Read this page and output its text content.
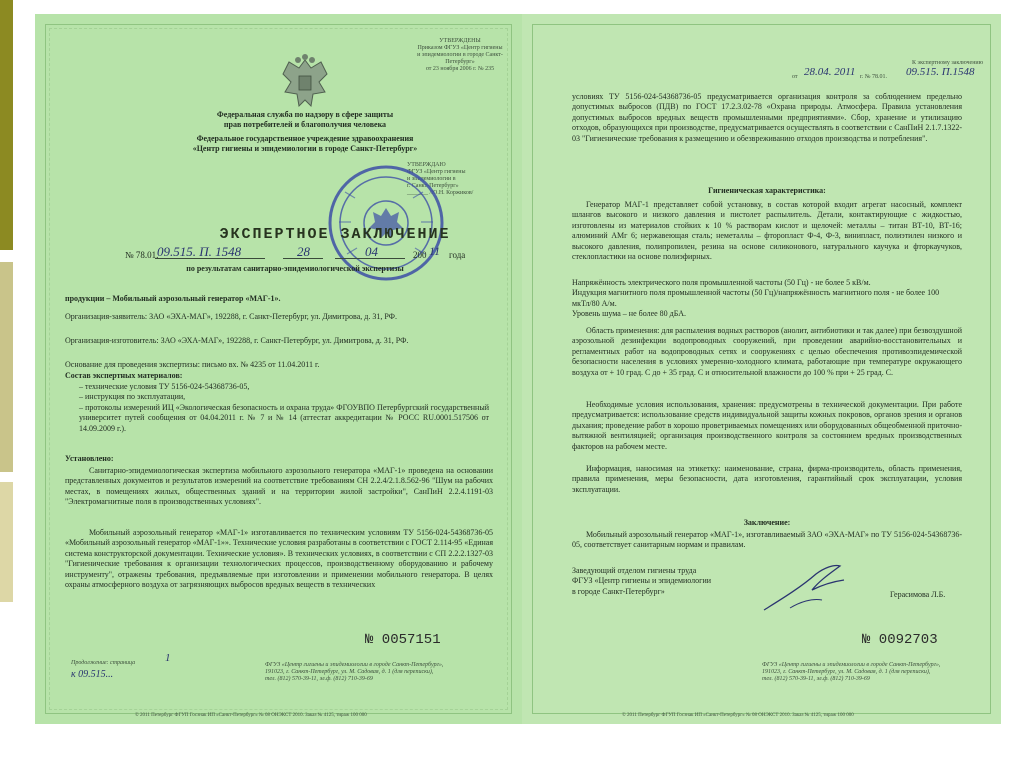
УТВЕРЖДЕНЫ
Приказом ФГУЗ «Центр гигиены
и эпидемиологии в городе Санкт-Петербург»
от 23 ноября 2006 г. № 235
Федеральная служба по надзору в сфере защиты
прав потребителей и благополучия человека
Федеральное государственное учреждение здравоохранения
«Центр гигиены и эпидемиологии в городе Санкт-Петербург»
УТВЕРЖДАЮ
ФГУЗ «Центр гигиены
и эпидемиологии в
г. Санкт-Петербург»
_______ /Ю.Н. Коржиков/
ЭКСПЕРТНОЕ ЗАКЛЮЧЕНИЕ
№ 78.01.
09.515. П. 1548	28	04	200 11 года
по результатам санитарно-эпидемиологической экспертизы
продукции – Мобильный аэрозольный генератор «МАГ-1».
Организация-заявитель: ЗАО «ЭХА-МАГ», 192288, г. Санкт-Петербург, ул. Димитрова, д. 31, РФ.
Организация-изготовитель: ЗАО «ЭХА-МАГ», 192288, г. Санкт-Петербург, ул. Димитрова, д. 31, РФ.
Основание для проведения экспертизы: письмо вх. № 4235 от 11.04.2011 г.
Состав экспертных материалов:
– технические условия ТУ 5156-024-54368736-05,
– инструкция по эксплуатации,
– протоколы измерений ИЦ «Экологическая безопасность и охрана труда» ФГОУВПО Петербургский государственный университет путей сообщения от 04.04.2011 г. № 7 и № 14 (аттестат аккредитации № РОСС RU.0001.517506 от 14.09.2009 г.).
Установлено:
Санитарно-эпидемиологическая экспертиза мобильного аэрозольного генератора «МАГ-1» проведена на основании представленных документов и результатов измерений на соответствие требованиям СН 2.2.4/2.1.8.562-96 "Шум на рабочих местах, в помещениях жилых, общественных зданий и на территории жилой застройки", СанПиН 2.2.4.1191-03 "Электромагнитные поля в производственных условиях".
Мобильный аэрозольный генератор «МАГ-1» изготавливается по техническим условиям ТУ 5156-024-54368736-05 «Мобильный аэрозольный генератор «МАГ-1»». Технические условия разработаны в соответствии с ГОСТ 2.114-95 «Единая система конструкторской документации. Технические условия». В технических условиях, в соответствии с СП 2.2.2.1327-03 "Гигиенические требования к организации технологических процессов, производственному оборудованию и рабочему инструменту", отражены требования, предъявляемые при изготовлении и применении мобильного генератора. В целях охраны атмосферного воздуха от загрязняющих выбросов вредных веществ в технических
№ 0057151
Продолжение: страница	1
к 09.515...
ФГУЗ «Центр гигиены и эпидемиологии в городе Санкт-Петербург»,
191023, г. Санкт-Петербург, ул. М. Садовая, д. 1 (для переписки),
тел. (812) 570-39-11, эл.ф. (812) 710-39-69
© 2011 Петербург ФГУП Госзнак ИП «Санкт-Петербург» № 08 ОНЭКСТ 2010. Заказ № 4125, тираж 100 000
К экспертному заключению
от 28.04. 2011 г. № 78.01. 09.515. П.1548
условиях ТУ 5156-024-54368736-05 предусматривается организация контроля за соблюдением предельно допустимых выбросов (ПДВ) по ГОСТ 17.2.3.02-78 «Охрана природы. Атмосфера. Правила установления допустимых выбросов вредных веществ промышленными предприятиями». Сбор, хранение и утилизацию отходов, образующихся при производстве, предусматривается осуществлять в соответствии с СанПиН 2.1.7.1322-03 "Гигиенические требования к размещению и обезвреживанию отходов производства и потребления".
Гигиеническая характеристика:
Генератор МАГ-1 представляет собой установку, в состав которой входит агрегат насосный, комплект шлангов высокого и низкого давления и пистолет распылитель. Детали, контактирующие с жидкостью, изготовлены из материалов стойких к 10 % растворам кислот и щелочей: металлы – титан ВТ-10, ВТ-16; алюминий АМг 6; нержавеющая сталь; неметаллы – фторопласт Ф-4, Ф-3, винипласт, полиэтилен низкого и высокого давления, полипропилен, резина на основе силиконового, натурального каучука и фторкаучуков, стеклопластики на основе полиэфирных.
Напряжённость электрического поля промышленной частоты (50 Гц) - не более 5 кВ/м.
Индукция магнитного поля промышленной частоты (50 Гц)/напряжённость магнитного поля - не более 100 мкТл/80 А/м.
Уровень шума – не более 80 дБА.
Область применения: для распыления водных растворов (анолит, антибиотики и так далее) при безвоздушной аэрозольной дезинфекции водопроводных сооружений, при проведении аварийно-восстановительных и регламентных работ на водопроводных сетях и сооружениях с целью обеспечения противоэпидемической безопасности населения в условиях умеренно-холодного климата, работающие при температуре окружающего воздуха от + 10 град. С до + 35 град. С и относительной влажности до 100 % при + 25 град. С.
Необходимые условия использования, хранения: предусмотрены в технической документации. При работе предусматривается: использование средств индивидуальной защиты кожных покровов, органов зрения и органов дыхания; проведение работ в хорошо проветриваемых помещениях или оборудованных общеобменной приточно-вытяжной вентиляцией; организация производственного контроля за состоянием вредных производственных факторов на рабочем месте.
Информация, наносимая на этикетку: наименование, страна, фирма-производитель, область применения, правила применения, меры безопасности, дата изготовления, гарантийный срок эксплуатации, условия эксплуатации.
Заключение:
Мобильный аэрозольный генератор «МАГ-1», изготавливаемый ЗАО «ЭХА-МАГ» по ТУ 5156-024-54368736-05, соответствует санитарным нормам и правилам.
Заведующий отделом гигиены труда
ФГУЗ «Центр гигиены и эпидемиологии
в городе Санкт-Петербург»	Герасимова Л.Б.
№ 0092703
ФГУЗ «Центр гигиены и эпидемиологии в городе Санкт-Петербург»,
191023, г. Санкт-Петербург, ул. М. Садовая, д. 1 (для переписки),
тел. (812) 570-39-11, эл.ф. (812) 710-39-69
© 2011 Петербург ФГУП Госзнак ИП «Санкт-Петербург» № 08 ОНЭКСТ 2010. Заказ № 4125, тираж 100 000
